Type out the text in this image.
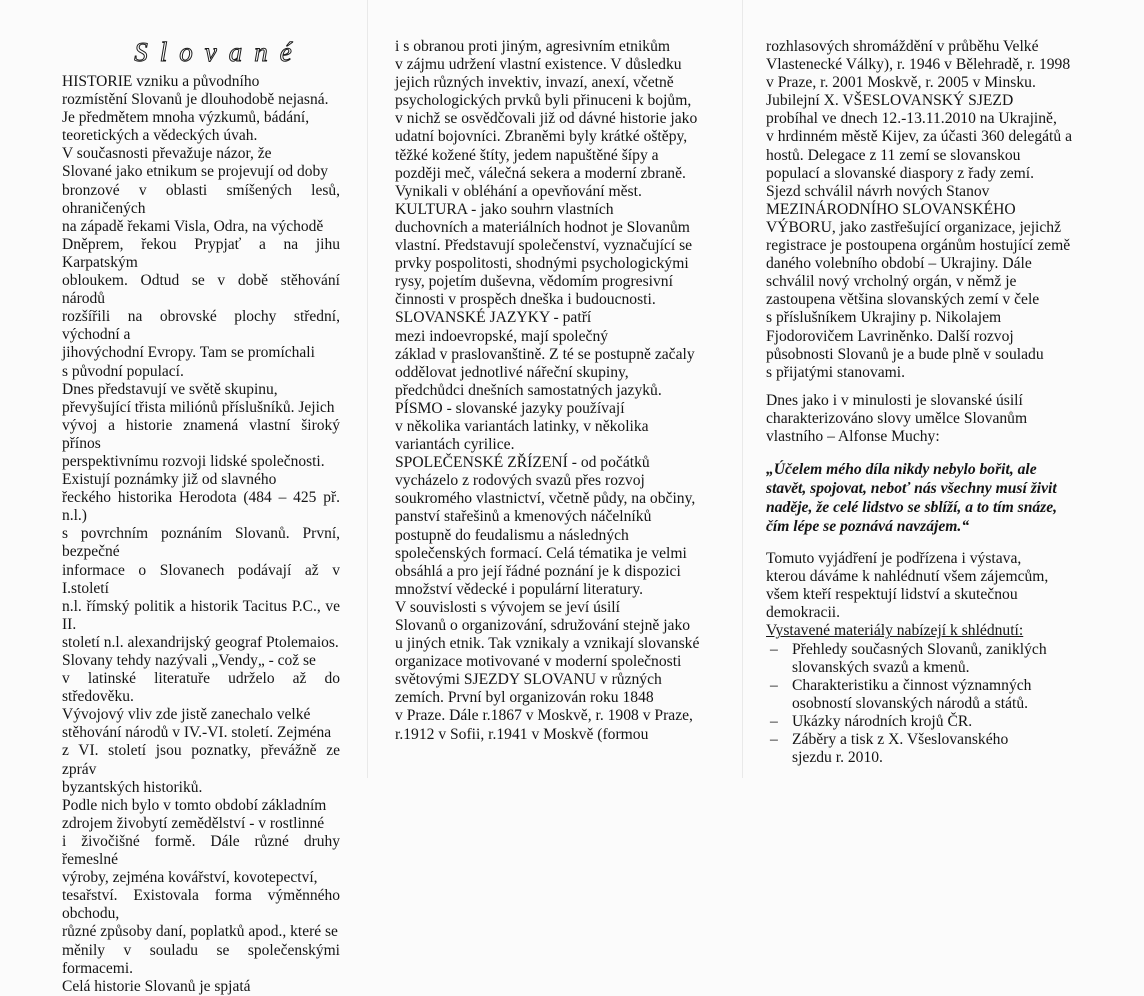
Slované

HISTORIE vzniku a původního
rozmístění Slovanů je dlouhodobě nejasná.
Je předmětem mnoha výzkumů, bádání,
teoretických a vědeckých úvah.

V současnosti převažuje názor, že
Slované jako etnikum se projevují od doby
bronzové v oblasti smíšených lesů, ohraničených
na západě řekami Visla, Odra, na východě
Dněprem, řekou Prypjať a na jihu Karpatským
obloukem. Odtud se v době stěhování národů
rozšířili na obrovské plochy střední, východní a
jihovýchodní Evropy. Tam se promíchali
s původní populací.

Dnes představují ve světě skupinu,
převyšující třista miliónů příslušníků. Jejich
vývoj a historie znamená vlastní široký přínos
perspektivnímu rozvoji lidské společnosti.

Existují poznámky již od slavného
řeckého historika Herodota (484 – 425 př. n.l.)
s povrchním poznáním Slovanů. První, bezpečné
informace o Slovanech podávají až v I.století
n.l. římský politik a historik Tacitus P.C., ve II.
století n.l. alexandrijský geograf Ptolemaios.
Slovany tehdy nazývali „Vendy„ - což se
v latinské literatuře udrželo až do středověku.
Vývojový vliv zde jistě zanechalo velké
stěhování národů v IV.-VI. století. Zejména
z VI. století jsou poznatky, převážně ze zpráv
byzantských historiků.

Podle nich bylo v tomto období základním
zdrojem živobytí zemědělství - v rostlinné
i živočišné formě. Dále různé druhy řemeslné
výroby, zejména kovářství, kovotepectví,
tesařství. Existovala forma výměnného obchodu,
různé způsoby daní, poplatků apod., které se
měnily v souladu se společenskými formacemi.

Celá historie Slovanů je spjatá

i s obranou proti jiným, agresivním etnikům
v zájmu udržení vlastní existence. V důsledku
jejich různých invektiv, invazí, anexí, včetně
psychologických prvků byli přinuceni k bojům,
v nichž se osvědčovali již od dávné historie jako
udatní bojovníci. Zbraněmi byly krátké oštěpy,
těžké kožené štíty, jedem napuštěné šípy a
později meč, válečná sekera a moderní zbraně.
Vynikali v obléhání a opevňování měst.

KULTURA - jako souhrn vlastních
duchovních a materiálních hodnot je Slovanům
vlastní. Představují společenství, vyznačující se
prvky pospolitosti, shodnými psychologickými
rysy, pojetím duševna, vědomím progresivní
činnosti v prospěch dneška i budoucnosti.

SLOVANSKÉ JAZYKY - patří
mezi indoevropské, mají společný
základ v praslovanštině. Z té se postupně začaly
oddělovat jednotlivé nářeční skupiny,
předchůdci dnešních samostatných jazyků.

PÍSMO - slovanské jazyky používají
v několika variantách latinky, v několika
variantách cyrilice.

SPOLEČENSKÉ ZŘÍZENÍ - od počátků
vycházelo z rodových svazů přes rozvoj
soukromého vlastnictví, včetně půdy, na občiny,
panství stařešinů a kmenových náčelníků
postupně do feudalismu a následných
společenských formací. Celá tématika je velmi
obsáhlá a pro její řádné poznání je k dispozici
množství vědecké i populární literatury.

V souvislosti s vývojem se jeví úsilí
Slovanů o organizování, sdružování stejně jako
u jiných etnik. Tak vznikaly a vznikají slovanské
organizace motivované v moderní společnosti
světovými SJEZDY SLOVANU v různých
zemích. První byl organizován roku 1848
v Praze. Dále r.1867 v Moskvě, r. 1908 v Praze,
r.1912 v Sofii, r.1941 v Moskvě (formou

rozhlasových shromáždění v průběhu Velké
Vlastenecké Války), r. 1946 v Bělehradě, r. 1998
v Praze, r. 2001 Moskvě, r. 2005 v Minsku.

Jubilejní X. VŠESLOVANSKÝ SJEZD
probíhal ve dnech 12.-13.11.2010 na Ukrajině,
v hrdinném městě Kijev, za účasti 360 delegátů a
hostů. Delegace z 11 zemí se slovanskou
populací a slovanské diaspory z řady zemí.
Sjezd schválil návrh nových Stanov
MEZINÁRODNÍHO SLOVANSKÉHO
VÝBORU, jako zastřešující organizace, jejichž
registrace je postoupena orgánům hostující země
daného volebního období – Ukrajiny. Dále
schválil nový vrcholný orgán, v němž je
zastoupena většina slovanských zemí v čele
s příslušníkem Ukrajiny p. Nikolajem
Fjodorovičem Lavriněnko. Další rozvoj
působnosti Slovanů je a bude plně v souladu
s přijatými stanovami.

Dnes jako i v minulosti je slovanské úsilí
charakterizováno slovy umělce Slovanům
vlastního – Alfonse Muchy:

„Účelem mého díla nikdy nebylo bořit, ale
stavět, spojovat, neboť nás všechny musí živit
naděje, že celé lidstvo se sblíží, a to tím snáze,
čím lépe se poznává navzájem.“

Tomuto vyjádření je podřízena i výstava,
kterou dáváme k nahlédnutí všem zájemcům,
všem kteří respektují lidství a skutečnou
demokracii.

Vystavené materiály nabízejí k shlédnutí:

– Přehledy současných Slovanů, zaniklých
slovanských svazů a kmenů.
– Charakteristiku a činnost významných
osobností slovanských národů a států.
– Ukázky národních krojů ČR.
– Záběry a tisk z X. Všeslovanského
sjezdu r. 2010.
